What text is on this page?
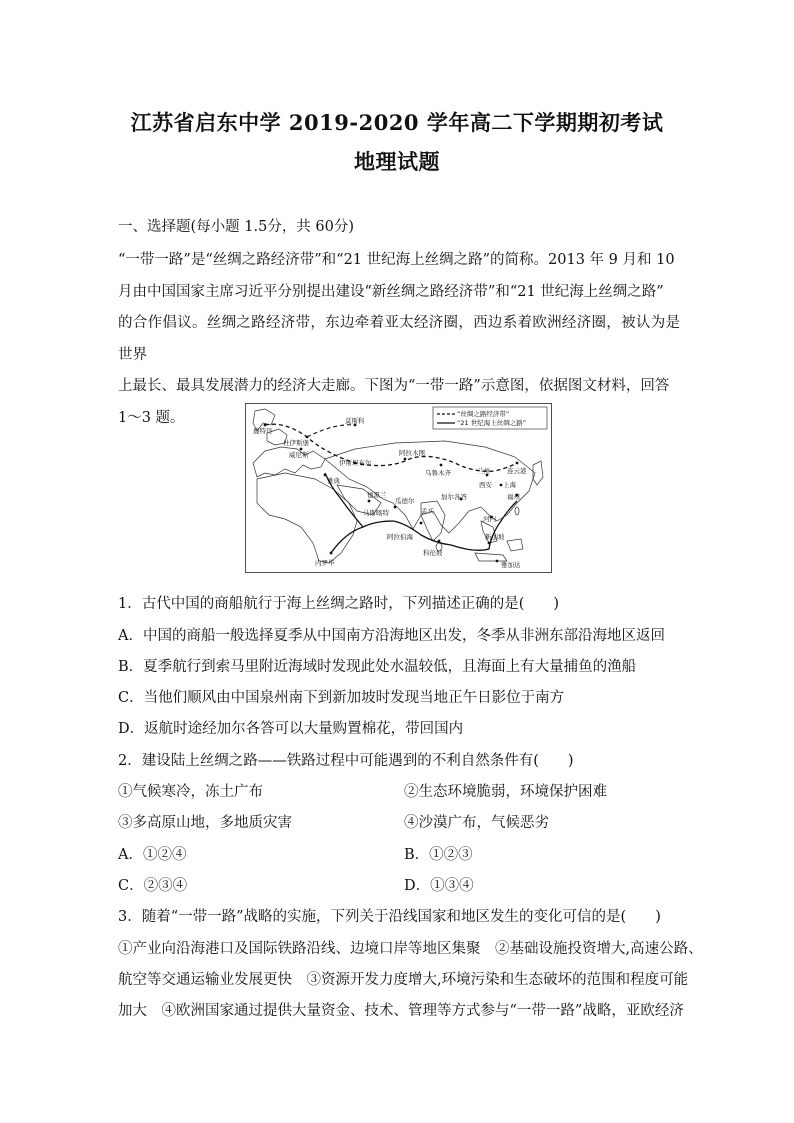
江苏省启东中学 2019-2020 学年高二下学期期初考试
地理试题
一、选择题(每小题 1.5分，共 60分)
“一带一路”是“丝绸之路经济带”和“21 世纪海上丝绸之路”的简称。2013 年 9 月和 10
月由中国国家主席习近平分别提出建设“新丝绸之路经济带”和“21 世纪海上丝绸之路”
的合作倡议。丝绸之路经济带，东边牵着亚太经济圈，西边系着欧洲经济圈，被认为是世界
上最长、最具发展潜力的经济大走廊。下图为“一带一路”示意图，依据图文材料，回答
1～3 题。	“丝绸之路经济带”
“21 世纪海上丝绸之路”
鹿特丹
莫斯科
杜伊斯堡
威尼斯
伊斯坦布尔
阿拉木图
乌鲁木齐	兰州	连云港
西安 上海
福州
雅典
德黑兰
瓜德尔	加尔各答
马斯喀特	孟买
河内
阿拉伯海
科伦坡
新加坡
内罗毕	雅加达
1．古代中国的商船航行于海上丝绸之路时，下列描述正确的是(　　)
A．中国的商船一般选择夏季从中国南方沿海地区出发，冬季从非洲东部沿海地区返回
B．夏季航行到索马里附近海域时发现此处水温较低，且海面上有大量捕鱼的渔船
C．当他们顺风由中国泉州南下到新加坡时发现当地正午日影位于南方
D．返航时途经加尔各答可以大量购置棉花，带回国内
2．建设陆上丝绸之路——铁路过程中可能遇到的不利自然条件有(　　)
①气候寒冷，冻土广布	②生态环境脆弱，环境保护困难
③多高原山地，多地质灾害	④沙漠广布，气候恶劣
A．①②④	B．①②③
C．②③④	D．①③④
3．随着“一带一路”战略的实施，下列关于沿线国家和地区发生的变化可信的是(　　)
①产业向沿海港口及国际铁路沿线、边境口岸等地区集聚　②基础设施投资增大,高速公路、
航空等交通运输业发展更快　③资源开发力度增大,环境污染和生态破坏的范围和程度可能
加大　④欧洲国家通过提供大量资金、技术、管理等方式参与“一带一路”战略，亚欧经济
